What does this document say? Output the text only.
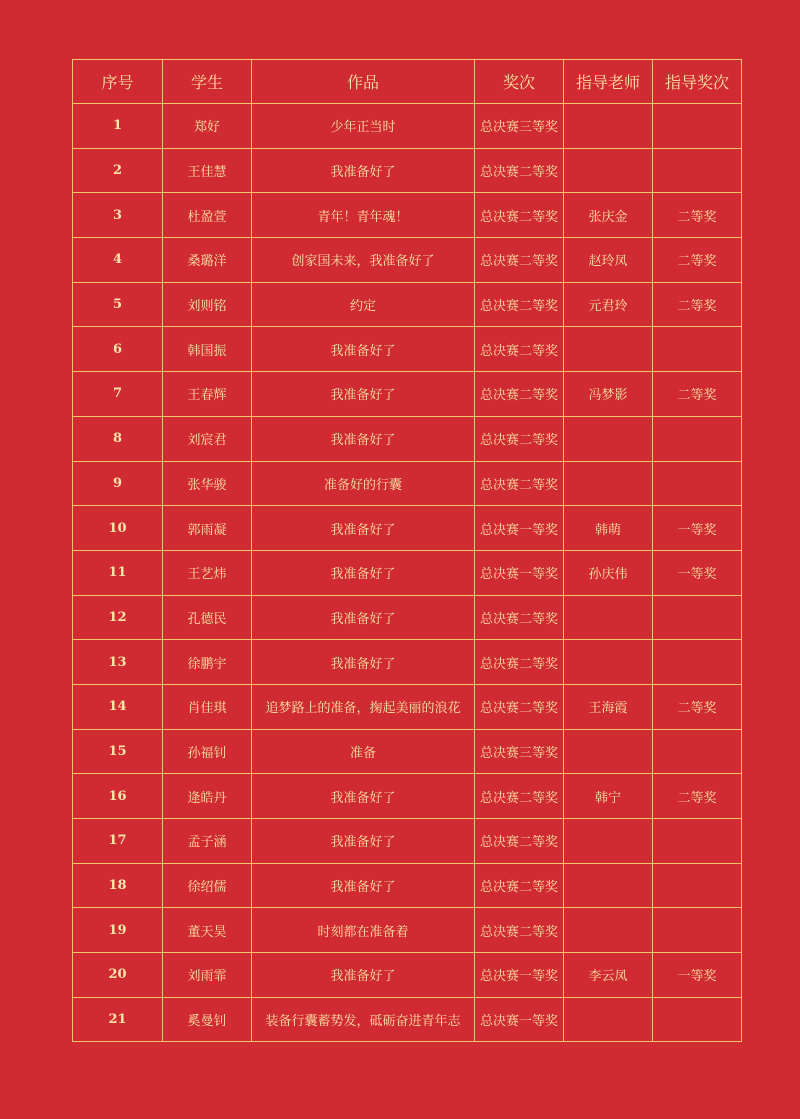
序号	学生	作品	奖次	指导老师	指导奖次
1	郑好	少年正当时	总决赛三等奖		
2	王佳慧	我准备好了	总决赛二等奖		
3	杜盈萱	青年！青年魂！	总决赛二等奖	张庆金	二等奖
4	桑璐洋	创家国未来，我准备好了	总决赛二等奖	赵玲凤	二等奖
5	刘则铭	约定	总决赛二等奖	元君玲	二等奖
6	韩国振	我准备好了	总决赛二等奖		
7	王春辉	我准备好了	总决赛二等奖	冯梦影	二等奖
8	刘宸君	我准备好了	总决赛二等奖		
9	张华骏	准备好的行囊	总决赛二等奖		
10	郭雨凝	我准备好了	总决赛一等奖	韩萌	一等奖
11	王艺炜	我准备好了	总决赛一等奖	孙庆伟	一等奖
12	孔德民	我准备好了	总决赛二等奖		
13	徐鹏宇	我准备好了	总决赛二等奖		
14	肖佳琪	追梦路上的准备，掬起美丽的浪花	总决赛二等奖	王海霞	二等奖
15	孙福钊	准备	总决赛三等奖		
16	逄皓丹	我准备好了	总决赛二等奖	韩宁	二等奖
17	孟子涵	我准备好了	总决赛二等奖		
18	徐绍儒	我准备好了	总决赛二等奖		
19	董天昊	时刻都在准备着	总决赛二等奖		
20	刘雨霏	我准备好了	总决赛一等奖	李云凤	一等奖
21	奚曼钊	装备行囊蓄势发，砥砺奋进青年志	总决赛一等奖		
